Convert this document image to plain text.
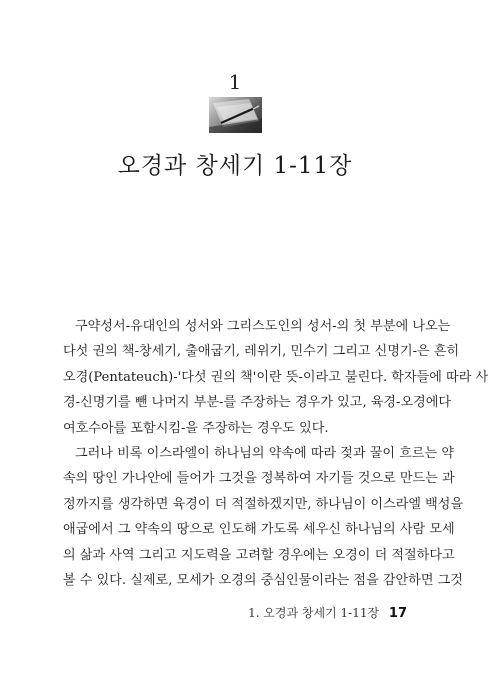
1
오경과 창세기 1-11장
구약성서-유대인의 성서와 그리스도인의 성서-의 첫 부분에 나오는
다섯 권의 책-창세기, 출애굽기, 레위기, 민수기 그리고 신명기-은 흔히
오경(Pentateuch)-'다섯 권의 책'이란 뜻-이라고 불린다. 학자들에 따라 사
경-신명기를 뺀 나머지 부분-를 주장하는 경우가 있고, 육경-오경에다
여호수아를 포함시킴-을 주장하는 경우도 있다.
그러나 비록 이스라엘이 하나님의 약속에 따라 젖과 꿀이 흐르는 약
속의 땅인 가나안에 들어가 그것을 정복하여 자기들 것으로 만드는 과
정까지를 생각하면 육경이 더 적절하겠지만, 하나님이 이스라엘 백성을
애굽에서 그 약속의 땅으로 인도해 가도록 세우신 하나님의 사람 모세
의 삶과 사역 그리고 지도력을 고려할 경우에는 오경이 더 적절하다고
볼 수 있다. 실제로, 모세가 오경의 중심인물이라는 점을 감안하면 그것
1. 오경과 창세기 1-11장 17
